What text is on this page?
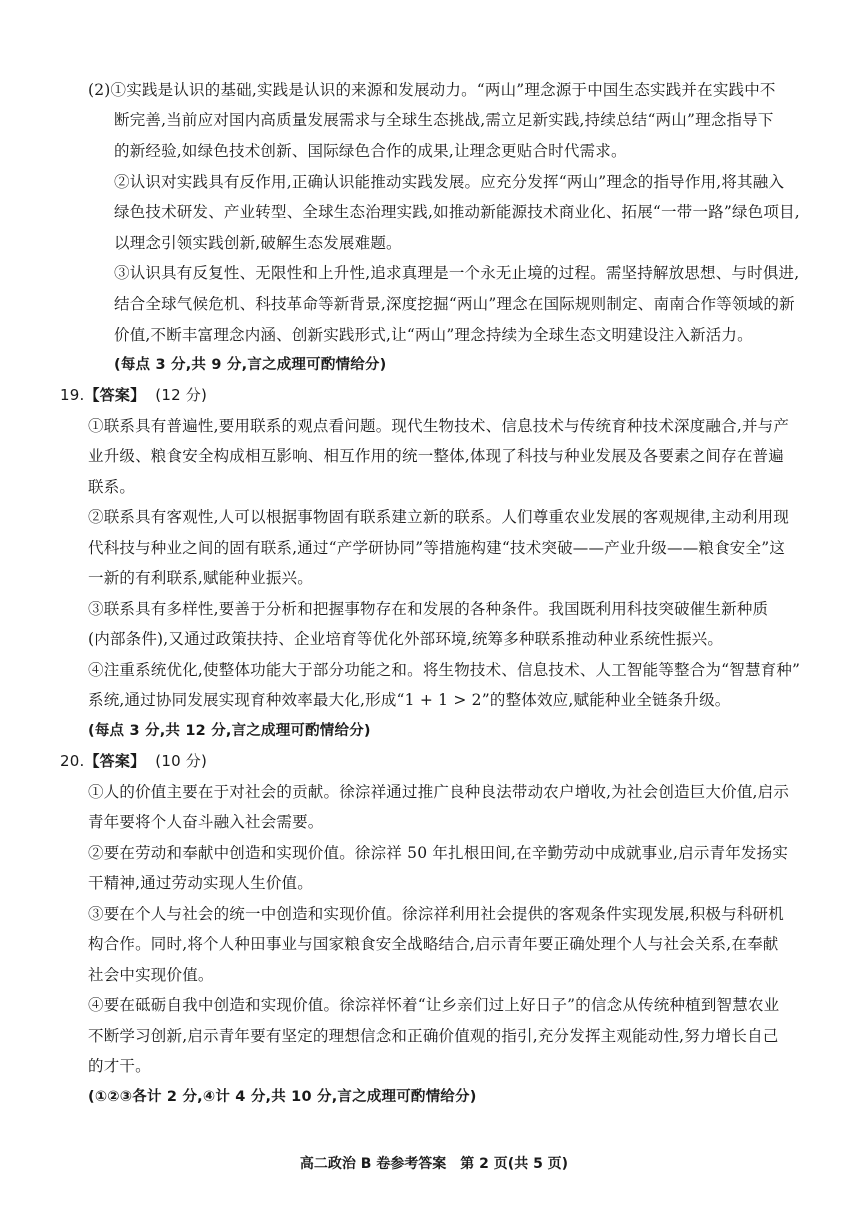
(2)①实践是认识的基础,实践是认识的来源和发展动力。“两山”理念源于中国生态实践并在实践中不
断完善,当前应对国内高质量发展需求与全球生态挑战,需立足新实践,持续总结“两山”理念指导下
的新经验,如绿色技术创新、国际绿色合作的成果,让理念更贴合时代需求。
②认识对实践具有反作用,正确认识能推动实践发展。应充分发挥“两山”理念的指导作用,将其融入
绿色技术研发、产业转型、全球生态治理实践,如推动新能源技术商业化、拓展“一带一路”绿色项目,
以理念引领实践创新,破解生态发展难题。
③认识具有反复性、无限性和上升性,追求真理是一个永无止境的过程。需坚持解放思想、与时俱进,
结合全球气候危机、科技革命等新背景,深度挖掘“两山”理念在国际规则制定、南南合作等领域的新
价值,不断丰富理念内涵、创新实践形式,让“两山”理念持续为全球生态文明建设注入新活力。
(每点 3 分,共 9 分,言之成理可酌情给分)
19.【答案】 (12 分)
①联系具有普遍性,要用联系的观点看问题。现代生物技术、信息技术与传统育种技术深度融合,并与产
业升级、粮食安全构成相互影响、相互作用的统一整体,体现了科技与种业发展及各要素之间存在普遍
联系。
②联系具有客观性,人可以根据事物固有联系建立新的联系。人们尊重农业发展的客观规律,主动利用现
代科技与种业之间的固有联系,通过“产学研协同”等措施构建“技术突破——产业升级——粮食安全”这
一新的有利联系,赋能种业振兴。
③联系具有多样性,要善于分析和把握事物存在和发展的各种条件。我国既利用科技突破催生新种质
(内部条件),又通过政策扶持、企业培育等优化外部环境,统筹多种联系推动种业系统性振兴。
④注重系统优化,使整体功能大于部分功能之和。将生物技术、信息技术、人工智能等整合为“智慧育种”
系统,通过协同发展实现育种效率最大化,形成“1 + 1 > 2”的整体效应,赋能种业全链条升级。
(每点 3 分,共 12 分,言之成理可酌情给分)
20.【答案】 (10 分)
①人的价值主要在于对社会的贡献。徐淙祥通过推广良种良法带动农户增收,为社会创造巨大价值,启示
青年要将个人奋斗融入社会需要。
②要在劳动和奉献中创造和实现价值。徐淙祥 50 年扎根田间,在辛勤劳动中成就事业,启示青年发扬实
干精神,通过劳动实现人生价值。
③要在个人与社会的统一中创造和实现价值。徐淙祥利用社会提供的客观条件实现发展,积极与科研机
构合作。同时,将个人种田事业与国家粮食安全战略结合,启示青年要正确处理个人与社会关系,在奉献
社会中实现价值。
④要在砥砺自我中创造和实现价值。徐淙祥怀着“让乡亲们过上好日子”的信念从传统种植到智慧农业
不断学习创新,启示青年要有坚定的理想信念和正确价值观的指引,充分发挥主观能动性,努力增长自己
的才干。
(①②③各计 2 分,④计 4 分,共 10 分,言之成理可酌情给分)
高二政治 B 卷参考答案　第 2 页(共 5 页)
